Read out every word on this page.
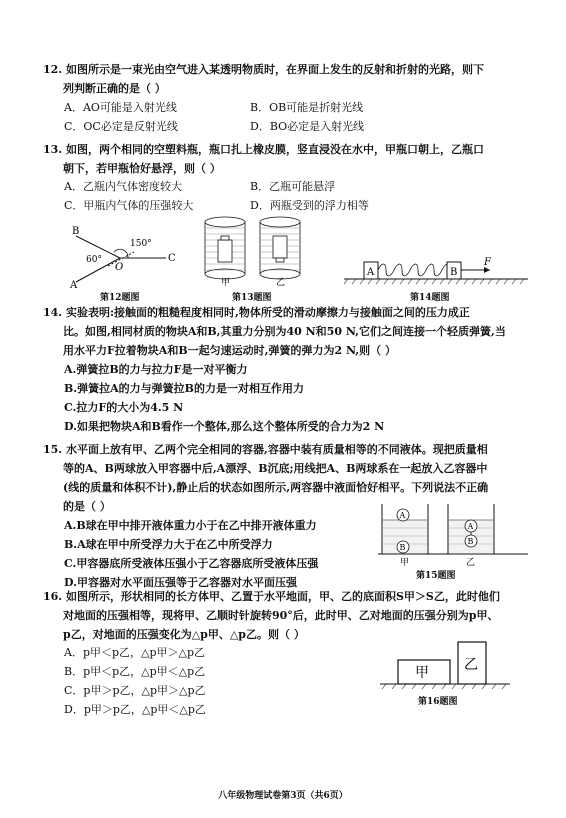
12. 如图所示是一束光由空气进入某透明物质时，在界面上发生的反射和折射的光路，则下
列判断正确的是（ ）
A．AO可能是入射光线	B．OB可能是折射光线
C．OC必定是反射光线	D．BO必定是入射光线
13. 如图，两个相同的空塑料瓶，瓶口扎上橡皮膜，竖直浸没在水中，甲瓶口朝上，乙瓶口
朝下，若甲瓶恰好悬浮，则（ ）
A．乙瓶内气体密度较大	B．乙瓶可能悬浮
C．甲瓶内气体的压强较大	D．两瓶受到的浮力相等
B
A
C
O
150°
60°
第12题图
甲	乙
第13题图
A	B
F
第14题图
14. 实验表明:接触面的粗糙程度相同时,物体所受的滑动摩擦力与接触面之间的压力成正
比。如图,相同材质的物块A和B,其重力分别为40 N和50 N,它们之间连接一个轻质弹簧,当
用水平力F拉着物块A和B一起匀速运动时,弹簧的弹力为2 N,则（ ）
A.弹簧拉B的力与拉力F是一对平衡力
B.弹簧拉A的力与弹簧拉B的力是一对相互作用力
C.拉力F的大小为4.5 N
D.如果把物块A和B看作一个整体,那么这个整体所受的合力为2 N
15. 水平面上放有甲、乙两个完全相同的容器,容器中装有质量相等的不同液体。现把质量相
等的A、B两球放入甲容器中后,A漂浮、B沉底;用线把A、B两球系在一起放入乙容器中
(线的质量和体积不计),静止后的状态如图所示,两容器中液面恰好相平。下列说法不正确
的是（ ）
A.B球在甲中排开液体重力小于在乙中排开液体重力
B.A球在甲中所受浮力大于在乙中所受浮力
C.甲容器底所受液体压强小于乙容器底所受液体压强
D.甲容器对水平面压强等于乙容器对水平面压强
A
B
A
B
甲	乙
第15题图
16. 如图所示，形状相同的长方体甲、乙置于水平地面，甲、乙的底面积S甲＞S乙，此时他们
对地面的压强相等，现将甲、乙顺时针旋转90°后，此时甲、乙对地面的压强分别为p甲、
p乙，对地面的压强变化为△p甲、△p乙。则（ ）
A．p甲＜p乙，△p甲＞△p乙
B．p甲＜p乙，△p甲＜△p乙
C．p甲＞p乙，△p甲＞△p乙
D．p甲＞p乙，△p甲＜△p乙
甲	乙
第16题图
八年级物理试卷第3页（共6页）
